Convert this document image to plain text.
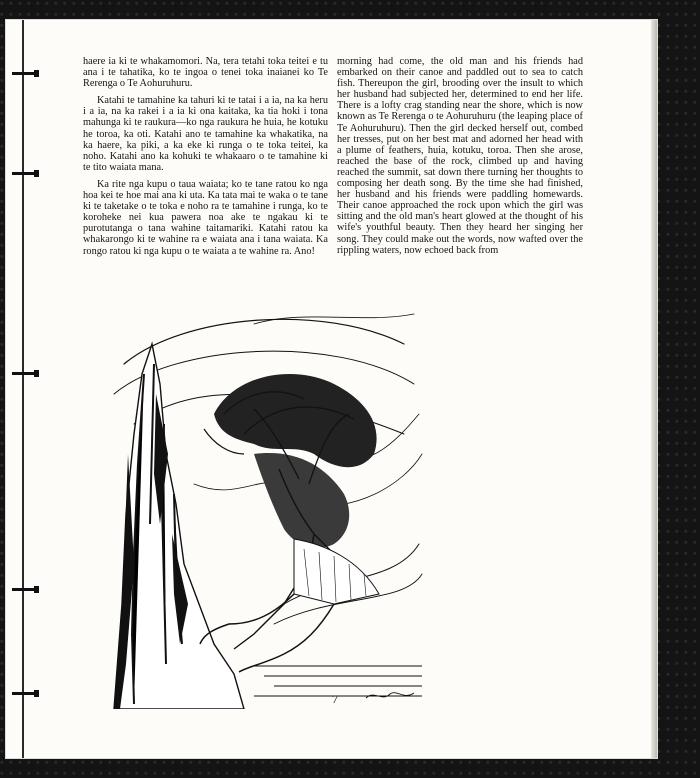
haere ia ki te whakamomori. Na, tera tetahi toka teitei e tu ana i te tahatika, ko te ingoa o tenei toka inaianei ko Te Rerenga o Te Aohuruhuru.

Katahi te tamahine ka tahuri ki te tatai i a ia, na ka heru i a ia, na ka rakei i a ia ki ona kaitaka, ka tia hoki i tona mahunga ki te raukura—ko nga raukura he huia, he kotuku he toroa, ka oti. Katahi ano te tamahine ka whakatika, na ka haere, ka piki, a ka eke ki runga o te toka teitei, ka noho. Katahi ano ka kohuki te whakaaro o te tamahine ki te tito waiata mana.

Ka rite nga kupu o taua waiata; ko te tane ratou ko nga hoa kei te hoe mai ana ki uta. Ka tata mai te waka o te tane ki te taketake o te toka e noho ra te tamahine i runga, ko te koroheke nei kua pawera noa ake te ngakau ki te purotutanga o tana wahine taitamariki. Katahi ratou ka whakarongo ki te wahine ra e waiata ana i tana waiata. Ka rongo ratou ki nga kupu o te waiata a te wahine ra. Ano!

morning had come, the old man and his friends had embarked on their canoe and paddled out to sea to catch fish. Thereupon the girl, brooding over the insult to which her husband had subjected her, determined to end her life. There is a lofty crag standing near the shore, which is now known as Te Rerenga o te Aohuruhuru (the leaping place of Te Aohuruhuru). Then the girl decked herself out, combed her tresses, put on her best mat and adorned her head with a plume of feathers, huia, kotuku, toroa. Then she arose, reached the base of the rock, climbed up and having reached the summit, sat down there turning her thoughts to composing her death song. By the time she had finished, her husband and his friends were paddling homewards. Their canoe approached the rock upon which the girl was sitting and the old man's heart glowed at the thought of his wife's youthful beauty. Then they heard her singing her song. They could make out the words, now wafted over the rippling waters, now echoed back from

7
